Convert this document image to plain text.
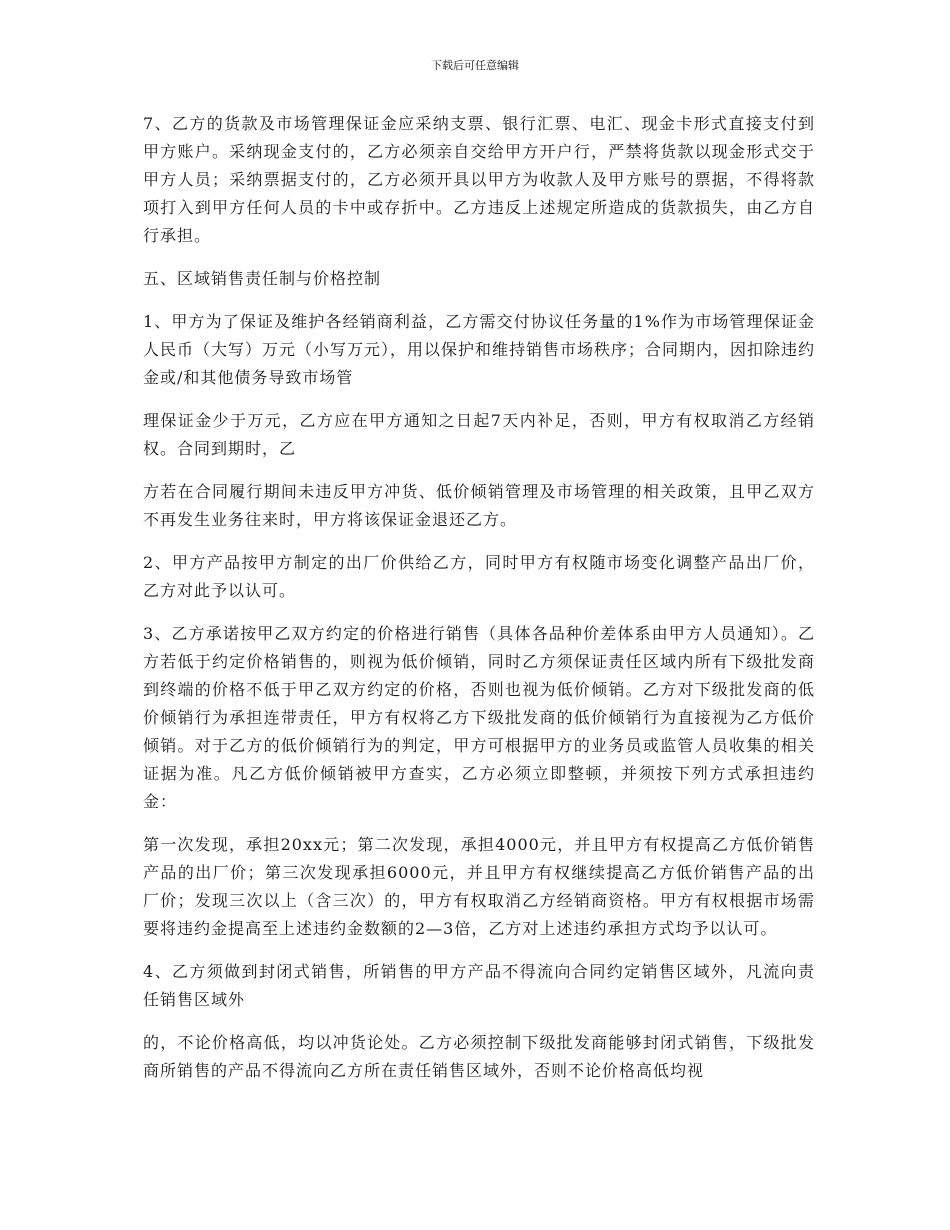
下载后可任意编辑

7、乙方的货款及市场管理保证金应采纳支票、银行汇票、电汇、现金卡形式直接支付到甲方账户。采纳现金支付的，乙方必须亲自交给甲方开户行，严禁将货款以现金形式交于甲方人员；采纳票据支付的，乙方必须开具以甲方为收款人及甲方账号的票据，不得将款项打入到甲方任何人员的卡中或存折中。乙方违反上述规定所造成的货款损失，由乙方自行承担。

五、区域销售责任制与价格控制

1、甲方为了保证及维护各经销商利益，乙方需交付协议任务量的1%作为市场管理保证金人民币（大写）万元（小写万元），用以保护和维持销售市场秩序；合同期内，因扣除违约金或/和其他债务导致市场管

理保证金少于万元，乙方应在甲方通知之日起7天内补足，否则，甲方有权取消乙方经销权。合同到期时，乙

方若在合同履行期间未违反甲方冲货、低价倾销管理及市场管理的相关政策，且甲乙双方不再发生业务往来时，甲方将该保证金退还乙方。

2、甲方产品按甲方制定的出厂价供给乙方，同时甲方有权随市场变化调整产品出厂价，乙方对此予以认可。

3、乙方承诺按甲乙双方约定的价格进行销售（具体各品种价差体系由甲方人员通知）。乙方若低于约定价格销售的，则视为低价倾销，同时乙方须保证责任区域内所有下级批发商到终端的价格不低于甲乙双方约定的价格，否则也视为低价倾销。乙方对下级批发商的低价倾销行为承担连带责任，甲方有权将乙方下级批发商的低价倾销行为直接视为乙方低价倾销。对于乙方的低价倾销行为的判定，甲方可根据甲方的业务员或监管人员收集的相关证据为准。凡乙方低价倾销被甲方查实，乙方必须立即整顿，并须按下列方式承担违约金：

第一次发现，承担20xx元；第二次发现，承担4000元，并且甲方有权提高乙方低价销售产品的出厂价；第三次发现承担6000元，并且甲方有权继续提高乙方低价销售产品的出厂价；发现三次以上（含三次）的，甲方有权取消乙方经销商资格。甲方有权根据市场需要将违约金提高至上述违约金数额的2—3倍，乙方对上述违约承担方式均予以认可。

4、乙方须做到封闭式销售，所销售的甲方产品不得流向合同约定销售区域外，凡流向责任销售区域外

的，不论价格高低，均以冲货论处。乙方必须控制下级批发商能够封闭式销售，下级批发商所销售的产品不得流向乙方所在责任销售区域外，否则不论价格高低均视
